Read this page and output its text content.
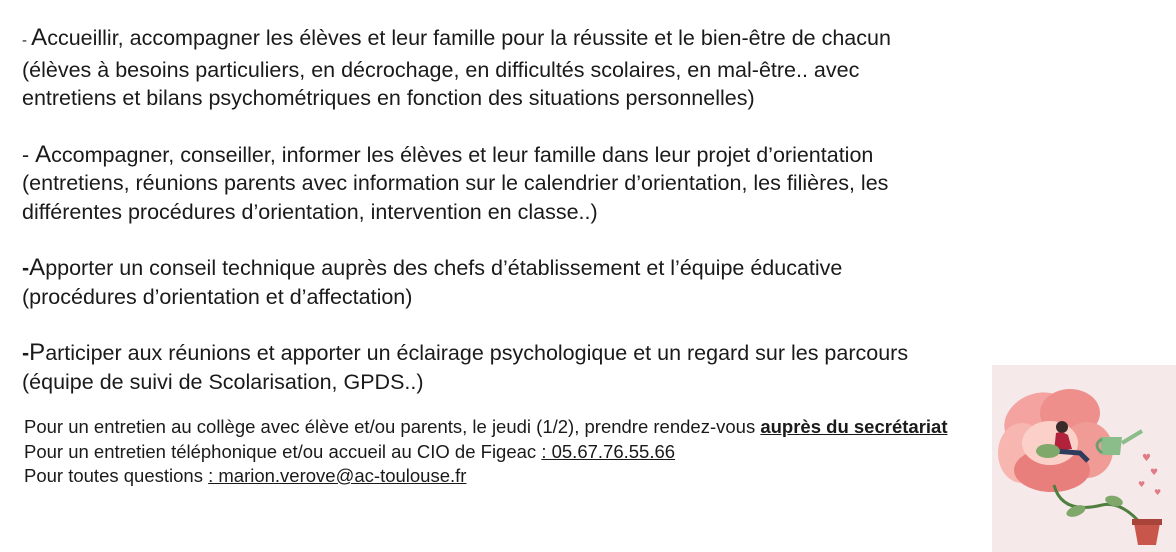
- Accueillir, accompagner les élèves et leur famille pour la réussite et le bien-être de chacun
(élèves à besoins particuliers, en décrochage, en difficultés scolaires, en mal-être.. avec
entretiens et bilans psychométriques en fonction des situations personnelles)
- Accompagner, conseiller, informer les élèves et leur famille dans leur projet d’orientation
(entretiens, réunions parents avec information sur le calendrier d’orientation, les filières, les
différentes procédures d’orientation, intervention en classe..)
-Apporter un conseil technique auprès des chefs d’établissement et l’équipe éducative
(procédures d’orientation et d’affectation)
-Participer aux réunions et apporter un éclairage psychologique et un regard sur les parcours
(équipe de suivi de Scolarisation, GPDS..)
Pour un entretien au collège avec élève et/ou parents, le jeudi (1/2), prendre rendez-vous auprès du secrétariat
Pour un entretien téléphonique et/ou accueil au CIO de Figeac : 05.67.76.55.66
Pour toutes questions : marion.verove@ac-toulouse.fr
♥
♥
♥
♥
